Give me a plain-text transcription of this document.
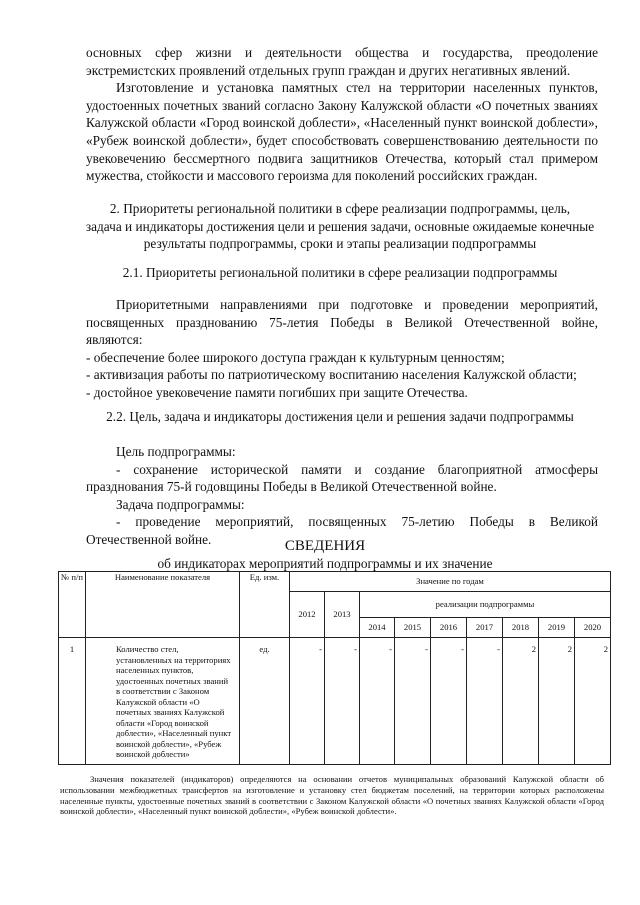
основных сфер жизни и деятельности общества и государства, преодоление экстремистских проявлений отдельных групп граждан и других негативных явлений.

Изготовление и установка памятных стел на территории населенных пунктов, удостоенных почетных званий согласно Закону Калужской области «О почетных званиях Калужской области «Город воинской доблести», «Населенный пункт воинской доблести», «Рубеж воинской доблести», будет способствовать совершенствованию деятельности по увековечению бессмертного подвига защитников Отечества, который стал примером мужества, стойкости и массового героизма для поколений российских граждан.

2. Приоритеты региональной политики в сфере реализации подпрограммы, цель,

задача и индикаторы достижения цели и решения задачи, основные ожидаемые конечные

результаты подпрограммы, сроки и этапы реализации подпрограммы

2.1. Приоритеты региональной политики в сфере реализации подпрограммы

Приоритетными направлениями при подготовке и проведении мероприятий, посвященных празднованию 75-летия Победы в Великой Отечественной войне, являются:

- обеспечение более широкого доступа граждан к культурным ценностям;

- активизация работы по патриотическому воспитанию населения Калужской области;

- достойное увековечение памяти погибших при защите Отечества.

2.2. Цель, задача и индикаторы достижения цели и решения задачи подпрограммы

Цель подпрограммы:

- сохранение исторической памяти и создание благоприятной атмосферы празднования 75-й годовщины Победы в Великой Отечественной войне.

Задача подпрограммы:

- проведение мероприятий, посвященных 75-летию Победы в Великой Отечественной войне.	СВЕДЕНИЯ
об индикаторах мероприятий подпрограммы и их значение
№ п/п	Наименование показателя	Ед. изм.	Значение по годам								
			2012	2013	реализации подпрограммы						
					2014	2015	2016	2017	2018	2019	2020
1	Количество стел, установленных на территориях населенных пунктов, удостоенных почетных званий в соответствии с Законом Калужской области «О почетных званиях Калужской области «Город воинской доблести», «Населенный пункт воинской доблести», «Рубеж воинской доблести»	ед.	-	-	-	-	-	-	2	2	2
Значения показателей (индикаторов) определяются на основании отчетов муниципальных образований Калужской области об использовании межбюджетных трансфертов на изготовление и установку стел бюджетам поселений, на территории которых расположены населенные пункты, удостоенные почетных званий в соответствии с Законом Калужской области «О почетных званиях Калужской области «Город воинской доблести», «Населенный пункт воинской доблести», «Рубеж воинской доблести».
